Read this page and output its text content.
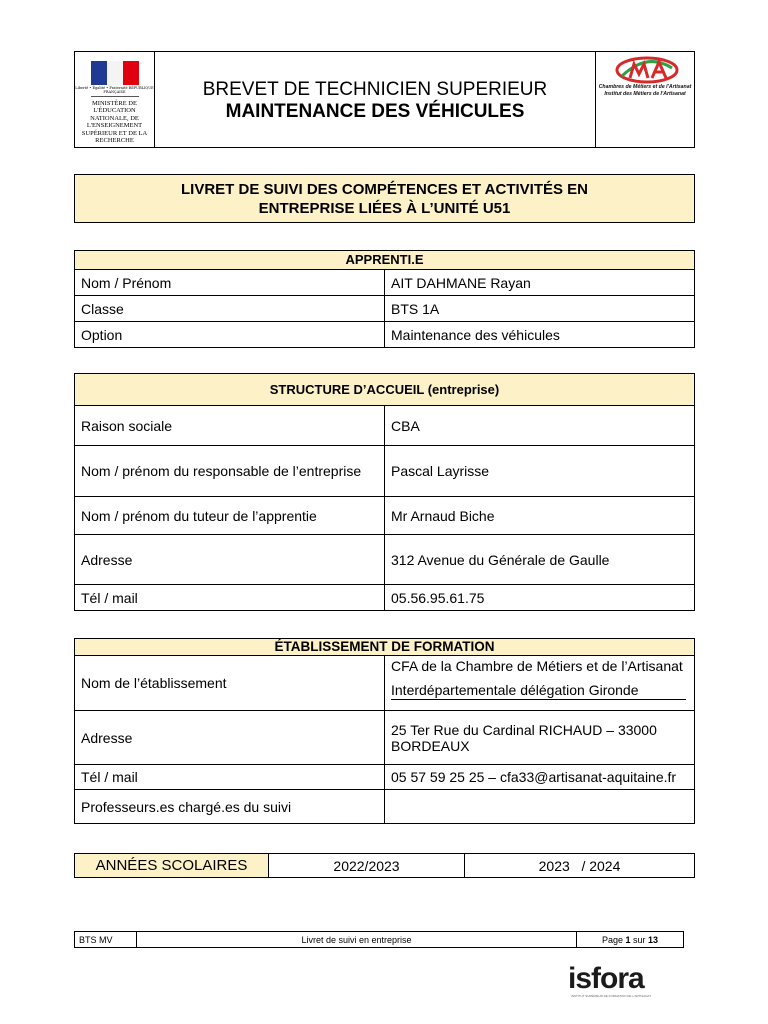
Liberté • Égalité • Fraternité RÉPUBLIQUE FRANÇAISE
MINISTÈRE DE L'ÉDUCATION NATIONALE, DE L'ENSEIGNEMENT SUPÉRIEUR ET DE LA RECHERCHE
BREVET DE TECHNICIEN SUPERIEUR
MAINTENANCE DES VÉHICULES
Chambres de Métiers et de l'Artisanat
Institut des Métiers de l'Artisanat
LIVRET DE SUIVI DES COMPÉTENCES ET ACTIVITÉS EN
ENTREPRISE LIÉES À L’UNITÉ U51
APPRENTI.E	
Nom / Prénom	AIT DAHMANE Rayan
Classe	BTS 1A
Option	Maintenance des véhicules
STRUCTURE D’ACCUEIL (entreprise)	
Raison sociale	CBA
Nom / prénom du responsable de l’entreprise	Pascal Layrisse
Nom / prénom du tuteur de l’apprentie	Mr Arnaud Biche
Adresse	312 Avenue du Générale de Gaulle
Tél / mail	05.56.95.61.75
ÉTABLISSEMENT DE FORMATION	
Nom de l’établissement	CFA de la Chambre de Métiers et de l’Artisanat
Interdépartementale délégation Gironde

Adresse	25 Ter Rue du Cardinal RICHAUD – 33000 BORDEAUX
Tél / mail	05 57 59 25 25 – cfa33@artisanat-aquitaine.fr
Professeurs.es chargé.es du suivi	
ANNÉES SCOLAIRES	2022/2023	2023   / 2024
BTS MV	Livret de suivi en entreprise	Page 1 sur 13
isfora
INSTITUT SUPÉRIEUR DE FORMATION DE L'ARTISANAT
